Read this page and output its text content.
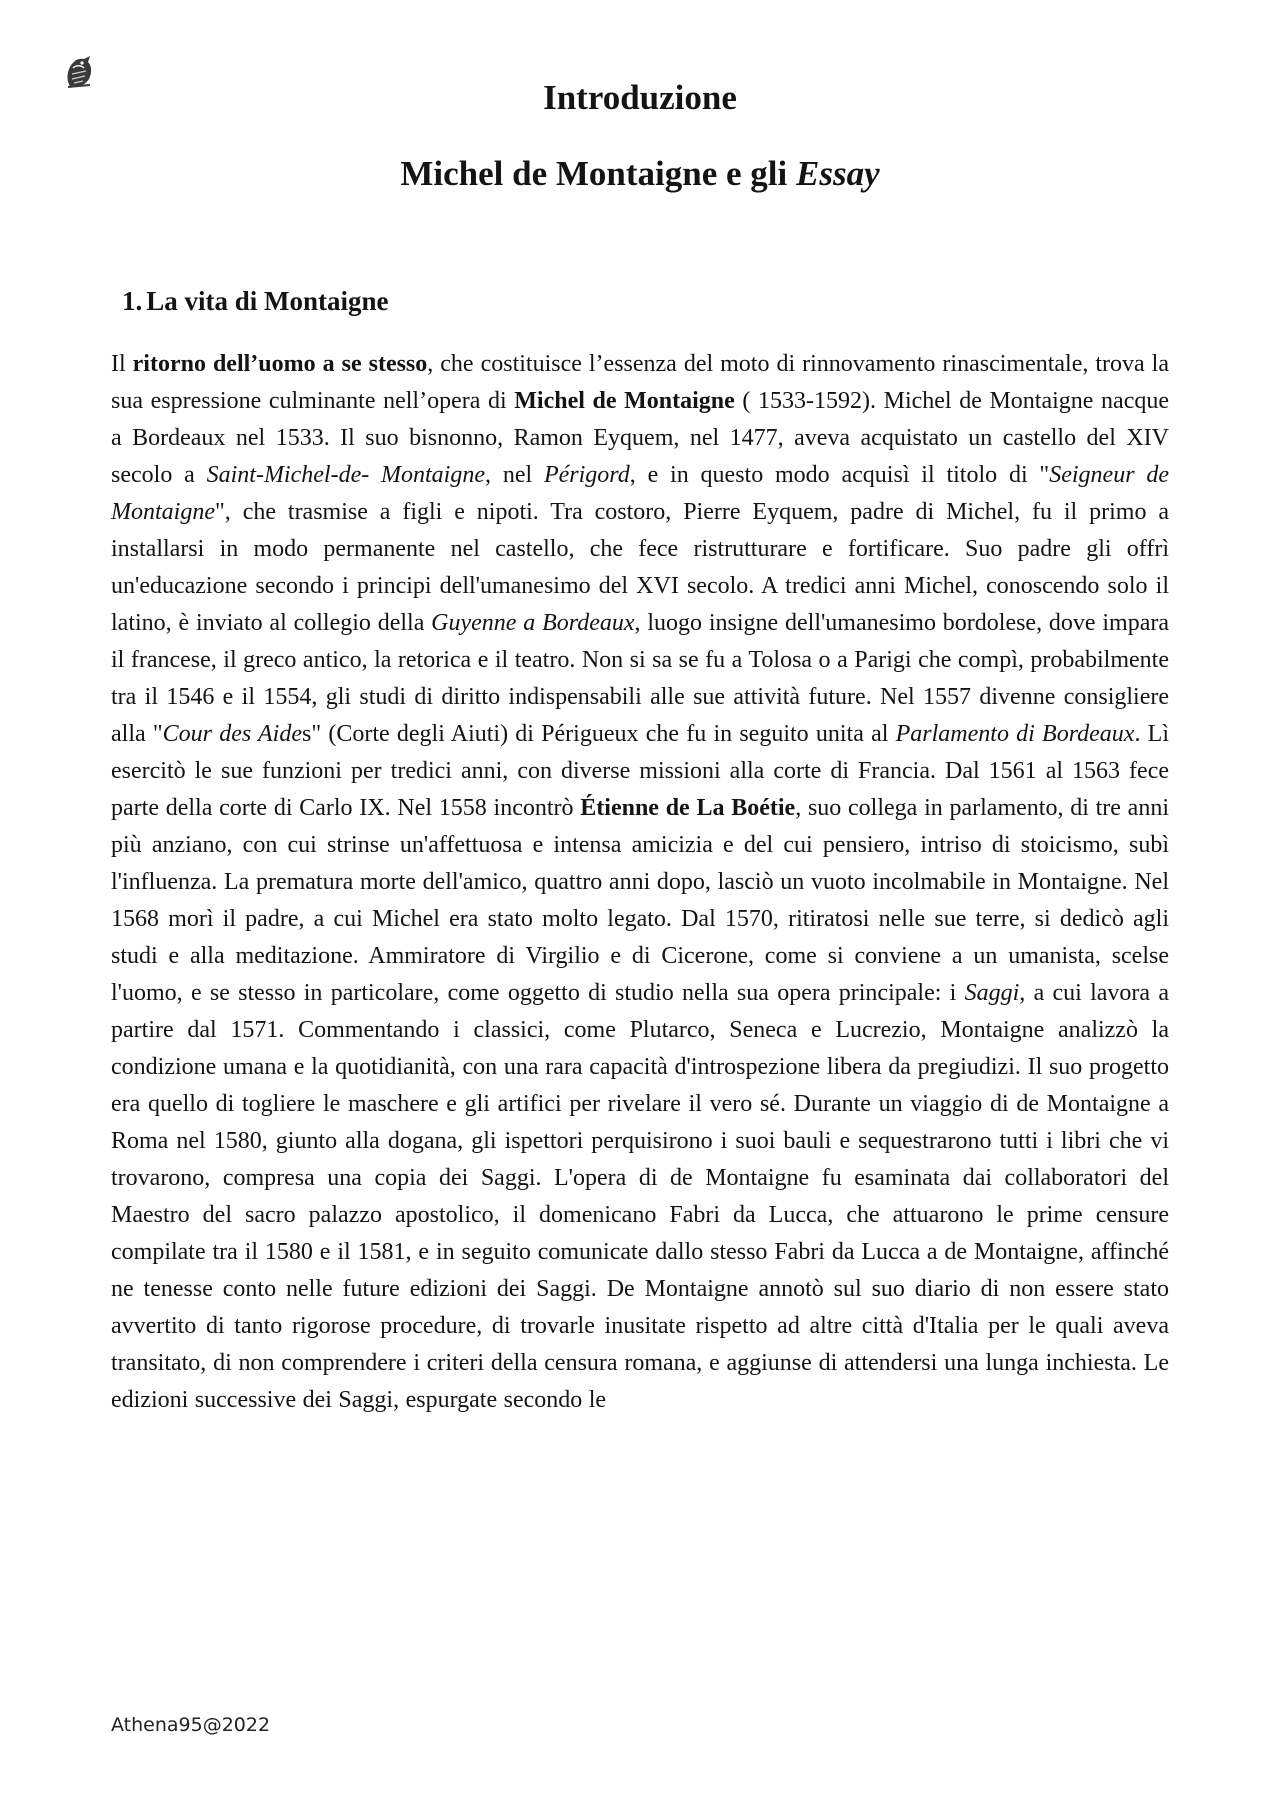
Introduzione
Michel de Montaigne e gli Essay
1. La vita di Montaigne

Il ritorno dell’uomo a se stesso, che costituisce l’essenza del moto di rinnovamento rinascimentale, trova la sua espressione culminante nell’opera di Michel de Montaigne ( 1533-1592). Michel de Montaigne nacque a Bordeaux nel 1533. Il suo bisnonno, Ramon Eyquem, nel 1477, aveva acquistato un castello del XIV secolo a Saint-Michel-de- Montaigne, nel Périgord, e in questo modo acquisì il titolo di "Seigneur de Montaigne", che trasmise a figli e nipoti. Tra costoro, Pierre Eyquem, padre di Michel, fu il primo a installarsi in modo permanente nel castello, che fece ristrutturare e fortificare. Suo padre gli offrì un'educazione secondo i principi dell'umanesimo del XVI secolo. A tredici anni Michel, conoscendo solo il latino, è inviato al collegio della Guyenne a Bordeaux, luogo insigne dell'umanesimo bordolese, dove impara il francese, il greco antico, la retorica e il teatro. Non si sa se fu a Tolosa o a Parigi che compì, probabilmente tra il 1546 e il 1554, gli studi di diritto indispensabili alle sue attività future. Nel 1557 divenne consigliere alla "Cour des Aides" (Corte degli Aiuti) di Périgueux che fu in seguito unita al Parlamento di Bordeaux. Lì esercitò le sue funzioni per tredici anni, con diverse missioni alla corte di Francia. Dal 1561 al 1563 fece parte della corte di Carlo IX. Nel 1558 incontrò Étienne de La Boétie, suo collega in parlamento, di tre anni più anziano, con cui strinse un'affettuosa e intensa amicizia e del cui pensiero, intriso di stoicismo, subì l'influenza. La prematura morte dell'amico, quattro anni dopo, lasciò un vuoto incolmabile in Montaigne. Nel 1568 morì il padre, a cui Michel era stato molto legato. Dal 1570, ritiratosi nelle sue terre, si dedicò agli studi e alla meditazione. Ammiratore di Virgilio e di Cicerone, come si conviene a un umanista, scelse l'uomo, e se stesso in particolare, come oggetto di studio nella sua opera principale: i Saggi, a cui lavora a partire dal 1571. Commentando i classici, come Plutarco, Seneca e Lucrezio, Montaigne analizzò la condizione umana e la quotidianità, con una rara capacità d'introspezione libera da pregiudizi. Il suo progetto era quello di togliere le maschere e gli artifici per rivelare il vero sé. Durante un viaggio di de Montaigne a Roma nel 1580, giunto alla dogana, gli ispettori perquisirono i suoi bauli e sequestrarono tutti i libri che vi trovarono, compresa una copia dei Saggi. L'opera di de Montaigne fu esaminata dai collaboratori del Maestro del sacro palazzo apostolico, il domenicano Fabri da Lucca, che attuarono le prime censure compilate tra il 1580 e il 1581, e in seguito comunicate dallo stesso Fabri da Lucca a de Montaigne, affinché ne tenesse conto nelle future edizioni dei Saggi. De Montaigne annotò sul suo diario di non essere stato avvertito di tanto rigorose procedure, di trovarle inusitate rispetto ad altre città d'Italia per le quali aveva transitato, di non comprendere i criteri della censura romana, e aggiunse di attendersi una lunga inchiesta. Le edizioni successive dei Saggi, espurgate secondo le

Athena95@2022
